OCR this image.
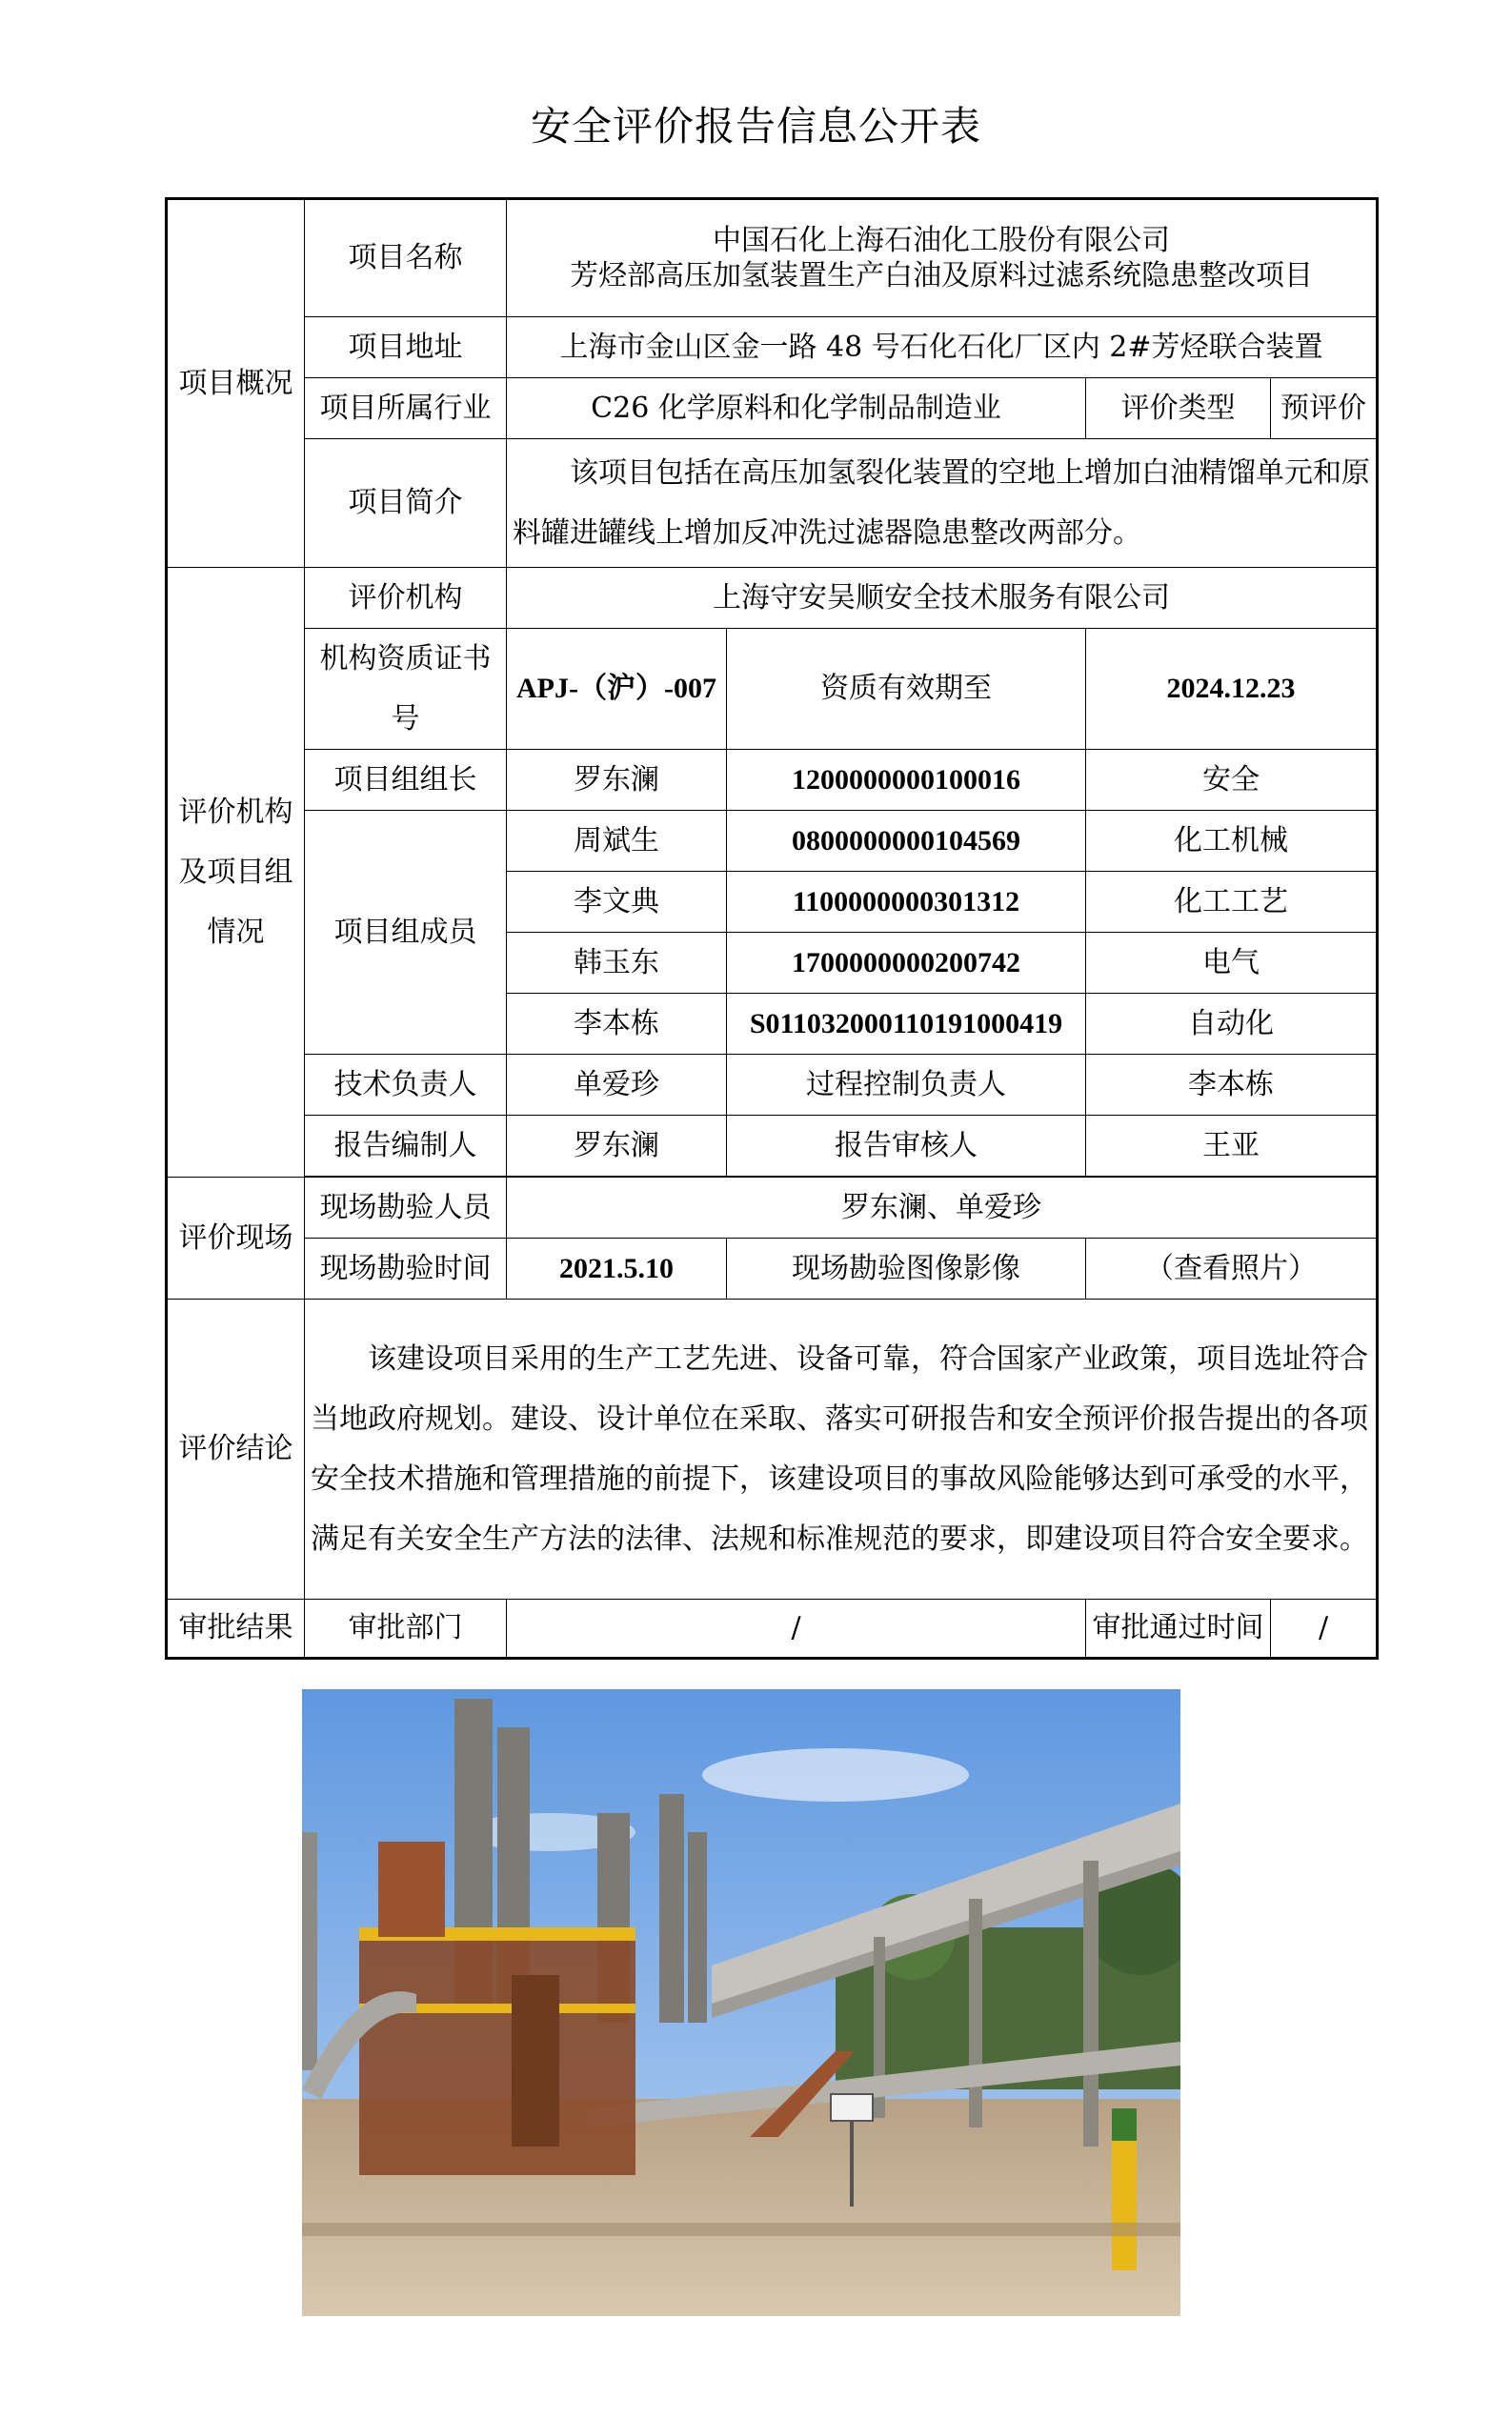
安全评价报告信息公开表
项目概况	项目名称	中国石化上海石油化工股份有限公司
芳烃部高压加氢装置生产白油及原料过滤系统隐患整改项目			

	项目地址	上海市金山区金一路 48 号石化石化厂区内 2#芳烃联合装置			
	项目所属行业	C26 化学原料和化学制品制造业		评价类型	预评价
	项目简介	该项目包括在高压加氢裂化装置的空地上增加白油精馏单元和原料罐进罐线上增加反冲洗过滤器隐患整改两部分。			

评价机构及项目组情况	评价机构	上海守安吴顺安全技术服务有限公司			
	机构资质证书号	APJ-（沪）-007	资质有效期至	2024.12.23	
	项目组组长	罗东澜	1200000000100016	安全	
	项目组成员	周斌生	0800000000104569	化工机械	
		李文典	1100000000301312	化工工艺	
		韩玉东	1700000000200742	电气	
		李本栋	S011032000110191000419	自动化	
	技术负责人	单爱珍	过程控制负责人	李本栋	
	报告编制人	罗东澜	报告审核人	王亚	

评价现场	现场勘验人员	罗东澜、单爱珍			
	现场勘验时间	2021.5.10	现场勘验图像影像	（查看照片）	
评价结论	该建设项目采用的生产工艺先进、设备可靠，符合国家产业政策，项目选址符合当地政府规划。建设、设计单位在采取、落实可研报告和安全预评价报告提出的各项安全技术措施和管理措施的前提下，该建设项目的事故风险能够达到可承受的水平，满足有关安全生产方法的法律、法规和标准规范的要求，即建设项目符合安全要求。				
审批结果	审批部门	/		审批通过时间	/
